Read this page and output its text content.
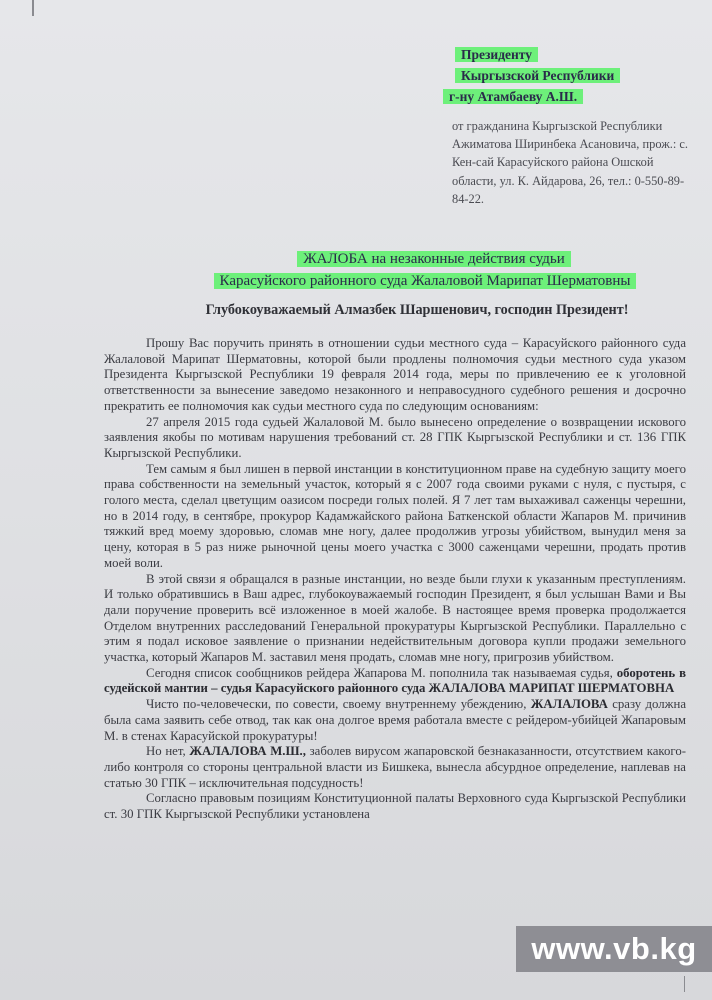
Президенту
Кыргызской Республики
г-ну Атамбаеву А.Ш.
от гражданина Кыргызской Республики Ажиматова Ширинбека Асановича, прож.: с. Кен-сай Карасуйского района Ошской области, ул. К. Айдарова, 26, тел.: 0-550-89-84-22.
ЖАЛОБА на незаконные действия судьи
Карасуйского районного суда Жалаловой Марипат Шерматовны
Глубокоуважаемый Алмазбек Шаршенович, господин Президент!

Прошу Вас поручить принять в отношении судьи местного суда – Карасуйского районного суда Жалаловой Марипат Шерматовны, которой были продлены полномочия судьи местного суда указом Президента Кыргызской Республики 19 февраля 2014 года, меры по привлечению ее к уголовной ответственности за вынесение заведомо незаконного и неправосудного судебного решения и досрочно прекратить ее полномочия как судьи местного суда по следующим основаниям:

27 апреля 2015 года судьей Жалаловой М. было вынесено определение о возвращении искового заявления якобы по мотивам нарушения требований ст. 28 ГПК Кыргызской Республики и ст. 136 ГПК Кыргызской Республики.

Тем самым я был лишен в первой инстанции в конституционном праве на судебную защиту моего права собственности на земельный участок, который я с 2007 года своими руками с нуля, с пустыря, с голого места, сделал цветущим оазисом посреди голых полей. Я 7 лет там выхаживал саженцы черешни, но в 2014 году, в сентябре, прокурор Кадамжайского района Баткенской области Жапаров М. причинив тяжкий вред моему здоровью, сломав мне ногу, далее продолжив угрозы убийством, вынудил меня за цену, которая в 5 раз ниже рыночной цены моего участка с 3000 саженцами черешни, продать против моей воли.

В этой связи я обращался в разные инстанции, но везде были глухи к указанным преступлениям. И только обратившись в Ваш адрес, глубокоуважаемый господин Президент, я был услышан Вами и Вы дали поручение проверить всё изложенное в моей жалобе. В настоящее время проверка продолжается Отделом внутренних расследований Генеральной прокуратуры Кыргызской Республики. Параллельно с этим я подал исковое заявление о признании недействительным договора купли продажи земельного участка, который Жапаров М. заставил меня продать, сломав мне ногу, пригрозив убийством.

Сегодня список сообщников рейдера Жапарова М. пополнила так называемая судья, оборотень в судейской мантии – судья Карасуйского районного суда ЖАЛАЛОВА МАРИПАТ ШЕРМАТОВНА

Чисто по-человечески, по совести, своему внутреннему убеждению, ЖАЛАЛОВА сразу должна была сама заявить себе отвод, так как она долгое время работала вместе с рейдером-убийцей Жапаровым М. в стенах Карасуйской прокуратуры!

Но нет, ЖАЛАЛОВА М.Ш., заболев вирусом жапаровской безнаказанности, отсутствием какого-либо контроля со стороны центральной власти из Бишкека, вынесла абсурдное определение, наплевав на статью 30 ГПК – исключительная подсудность!

Согласно правовым позициям Конституционной палаты Верховного суда Кыргызской Республики ст. 30 ГПК Кыргызской Республики установлена

www.vb.kg
